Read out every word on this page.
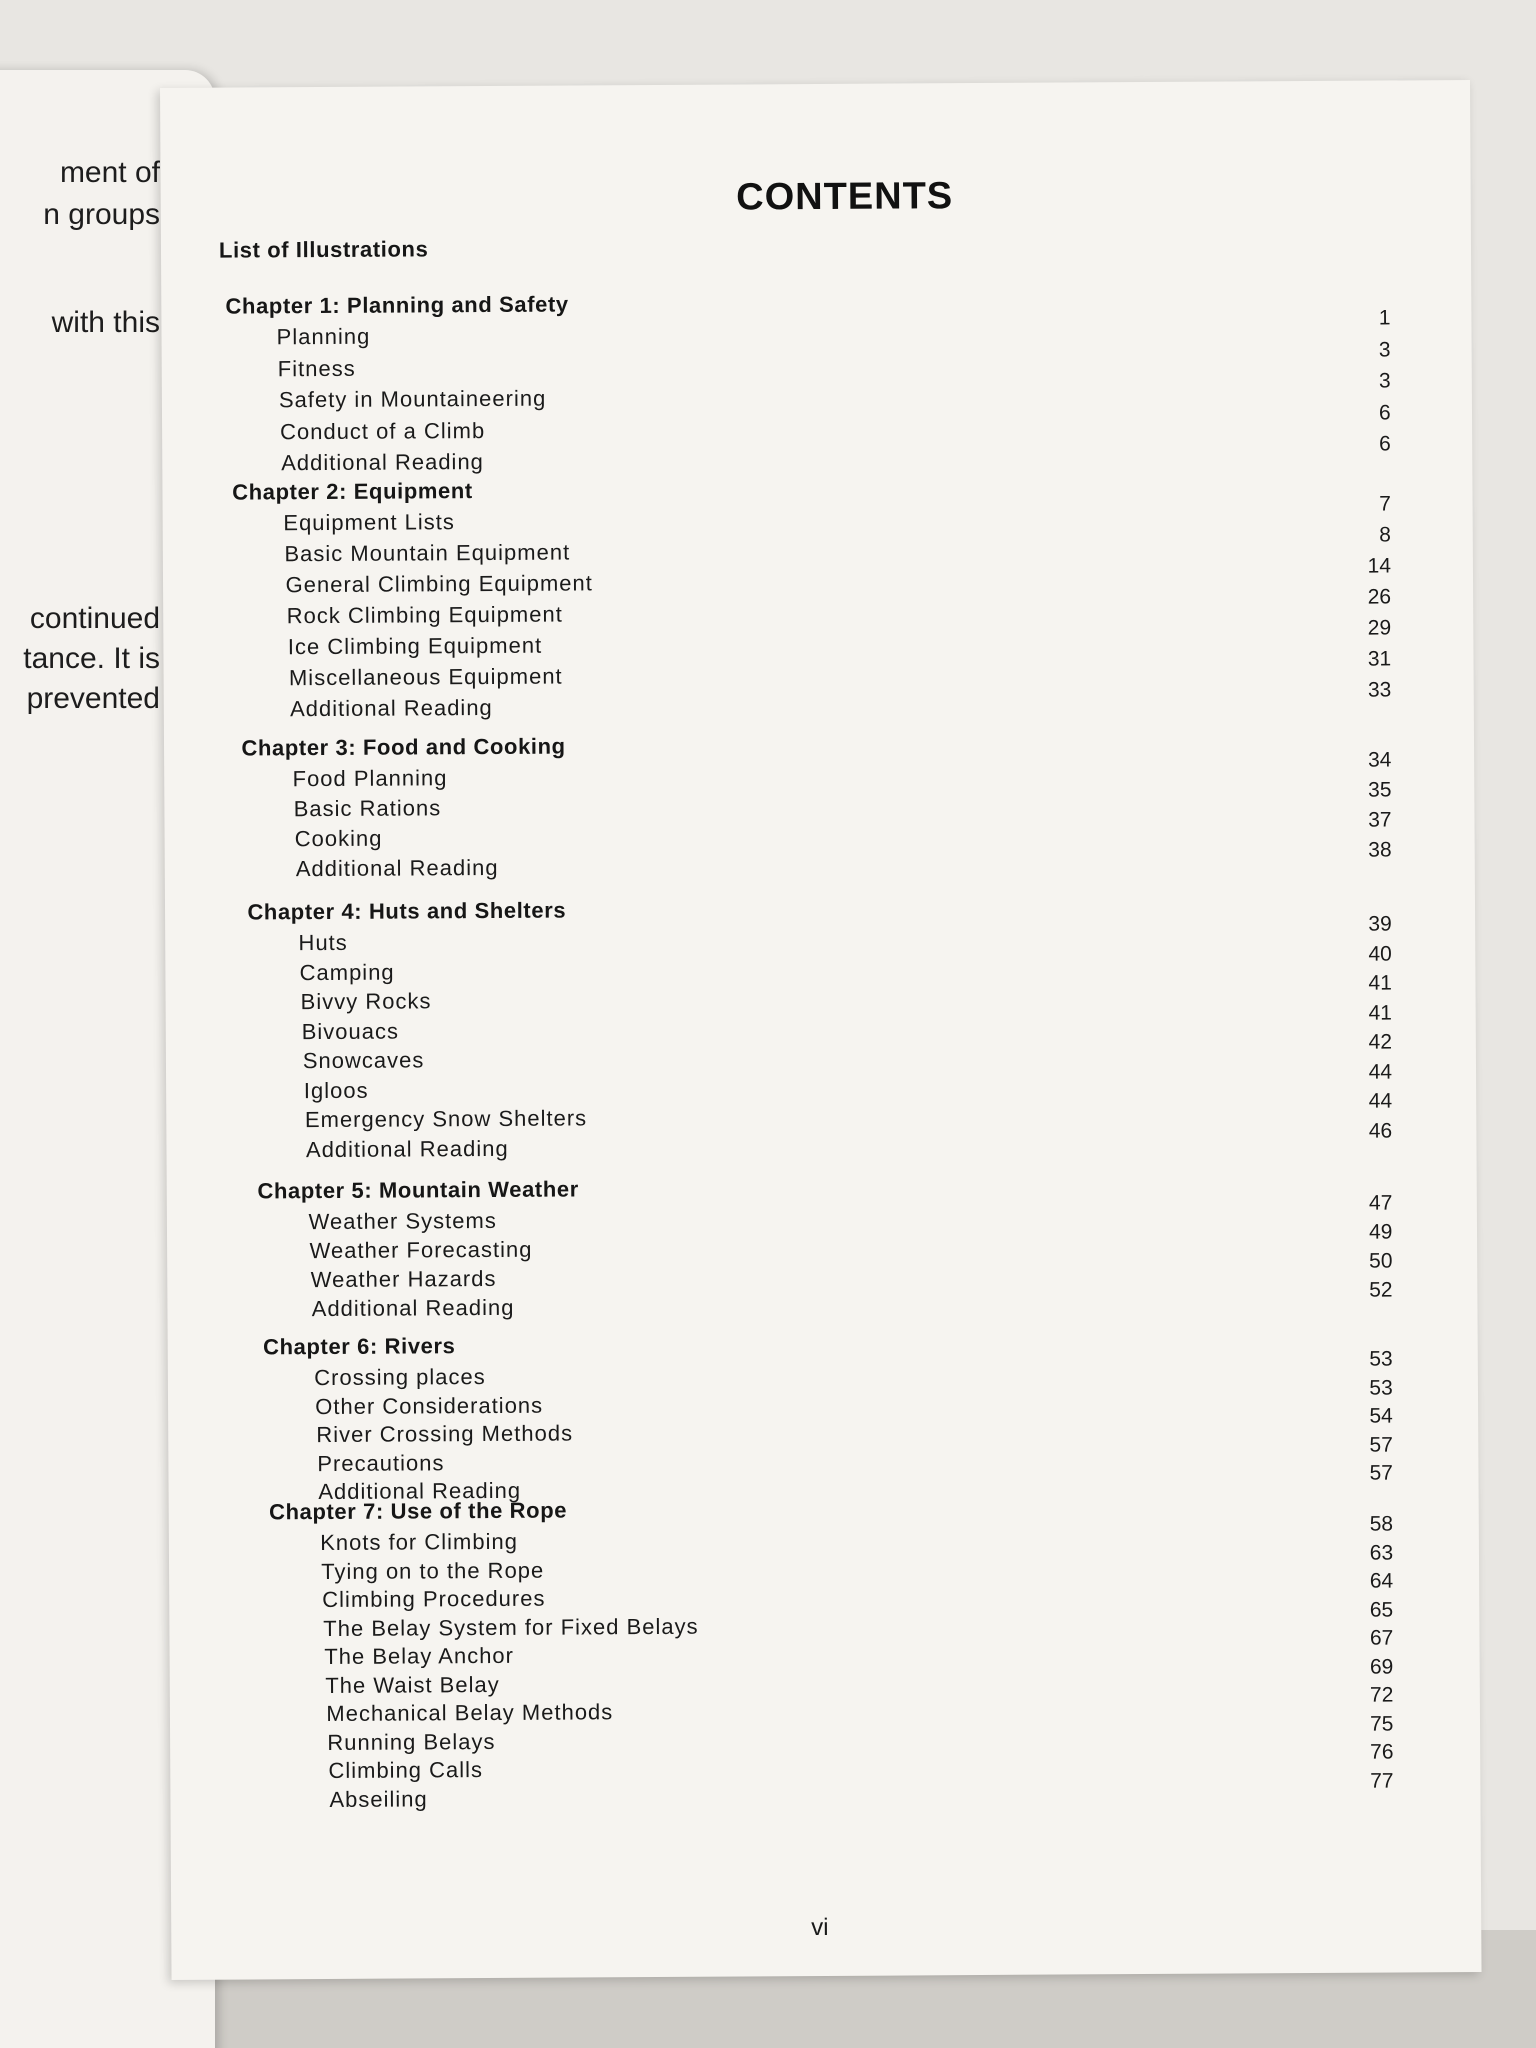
ment of
n groups
with this
continued
tance. It is
prevented
CONTENTS
List of Illustrations
Chapter 1: Planning and Safety
Planning
1
Fitness
3
Safety in Mountaineering
3
Conduct of a Climb
6
Additional Reading
6
Chapter 2: Equipment
Equipment Lists
7
Basic Mountain Equipment
8
General Climbing Equipment
14
Rock Climbing Equipment
26
Ice Climbing Equipment
29
Miscellaneous Equipment
31
Additional Reading
33
Chapter 3: Food and Cooking
Food Planning
34
Basic Rations
35
Cooking
37
Additional Reading
38
Chapter 4: Huts and Shelters
Huts
39
Camping
40
Bivvy Rocks
41
Bivouacs
41
Snowcaves
42
Igloos
44
Emergency Snow Shelters
44
Additional Reading
46
Chapter 5: Mountain Weather
Weather Systems
47
Weather Forecasting
49
Weather Hazards
50
Additional Reading
52
Chapter 6: Rivers
Crossing places
53
Other Considerations
53
River Crossing Methods
54
Precautions
57
Additional Reading
57
Chapter 7: Use of the Rope
Knots for Climbing
58
Tying on to the Rope
63
Climbing Procedures
64
The Belay System for Fixed Belays
65
The Belay Anchor
67
The Waist Belay
69
Mechanical Belay Methods
72
Running Belays
75
Climbing Calls
76
Abseiling
77
vi
